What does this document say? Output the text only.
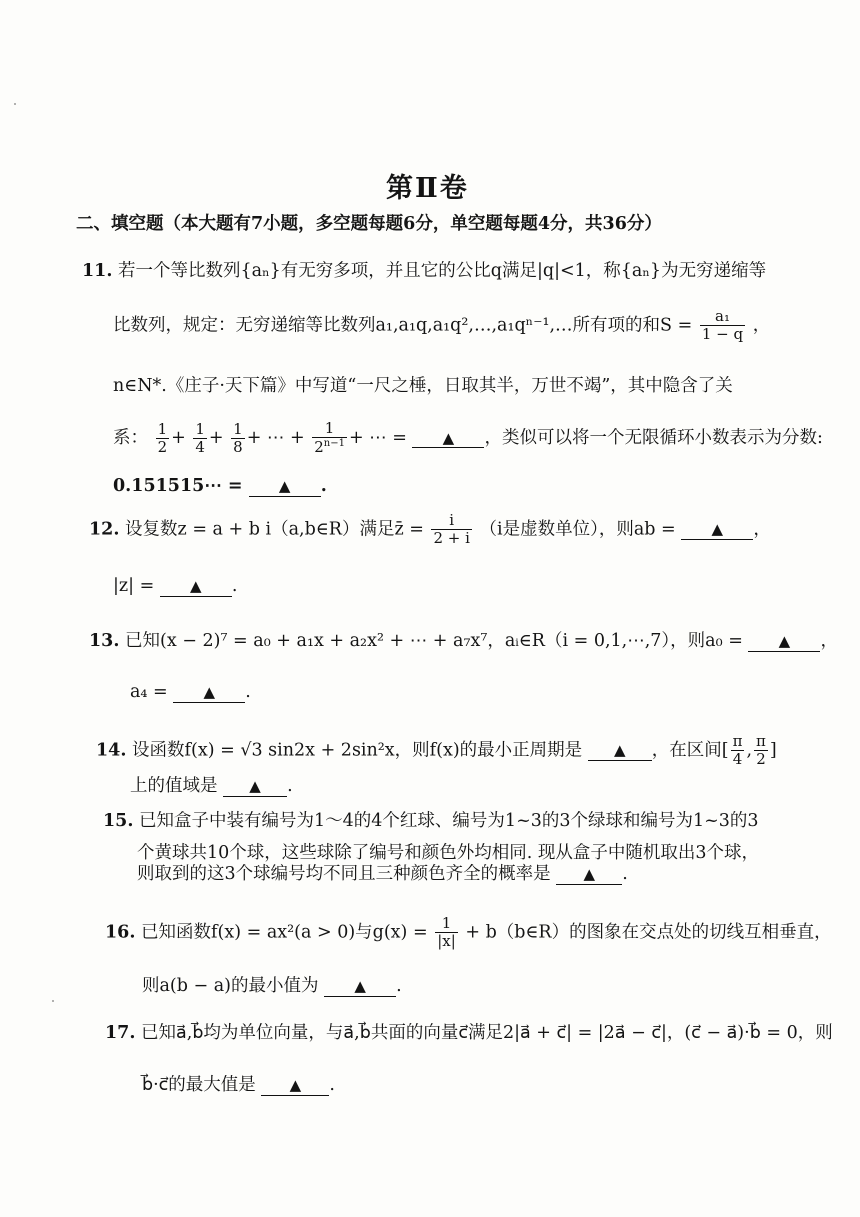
第Ⅱ卷
二、填空题（本大题有7小题，多空题每题6分，单空题每题4分，共36分）
11. 若一个等比数列{aₙ}有无穷多项，并且它的公比q满足|q|<1，称{aₙ}为无穷递缩等
比数列，规定：无穷递缩等比数列a₁,a₁q,a₁q²,…,a₁qⁿ⁻¹,…所有项的和$S = \frac{\text{a₁}}{1 - q}$ ，
n∈N*.《庄子·天下篇》中写道“一尺之棰，日取其半，万世不竭”，其中隐含了关
系： $\frac{1}{2} + \frac{1}{4} + \frac{1}{8}$ + ⋯ + $\frac{1}{2^{n-1}}$ + ⋯ = ▲ ，类似可以将一个无限循环小数表示为分数:
0.151515⋯ = ▲ .
12. 设复数z = a + b i（a,b∈R）满足z̄ = $\frac{i}{2 + i} (i$是虚数单位），则ab = ▲ ，
|z| = ▲ .
13. 已知(x − 2)⁷ = a₀ + a₁x + a₂x² + ⋯ + a₇x⁷，aᵢ∈R（i = 0,1,⋯,7），则a₀ = ▲ ，
a₄ = ▲ .
14. 设函数f(x) = √3 sin2x + 2sin²x，则f(x)的最小正周期是 ▲ ，在区间[ $\frac{\pi}{4}$ , $\frac{\pi}{2}$ ]
上的值域是 ▲ .
15. 已知盒子中装有编号为1～4的4个红球、编号为1~3的3个绿球和编号为1~3的3
个黄球共10个球，这些球除了编号和颜色外均相同. 现从盒子中随机取出3个球，
则取到的这3个球编号均不同且三种颜色齐全的概率是 ▲ .
16. 已知函数f(x) = ax²(a > 0)与$g(x) = \frac{1}{|x|}$ + b（b∈R）的图象在交点处的切线互相垂直，
则a(b − a)的最小值为 ▲ .
17. 已知a⃗,b⃗均为单位向量，与a⃗,b⃗共面的向量c⃗满足2|a⃗ + c⃗| = |2a⃗ − c⃗|，(c⃗ − a⃗)·b⃗ = 0，则
b⃗·c⃗的最大值是 ▲ .
